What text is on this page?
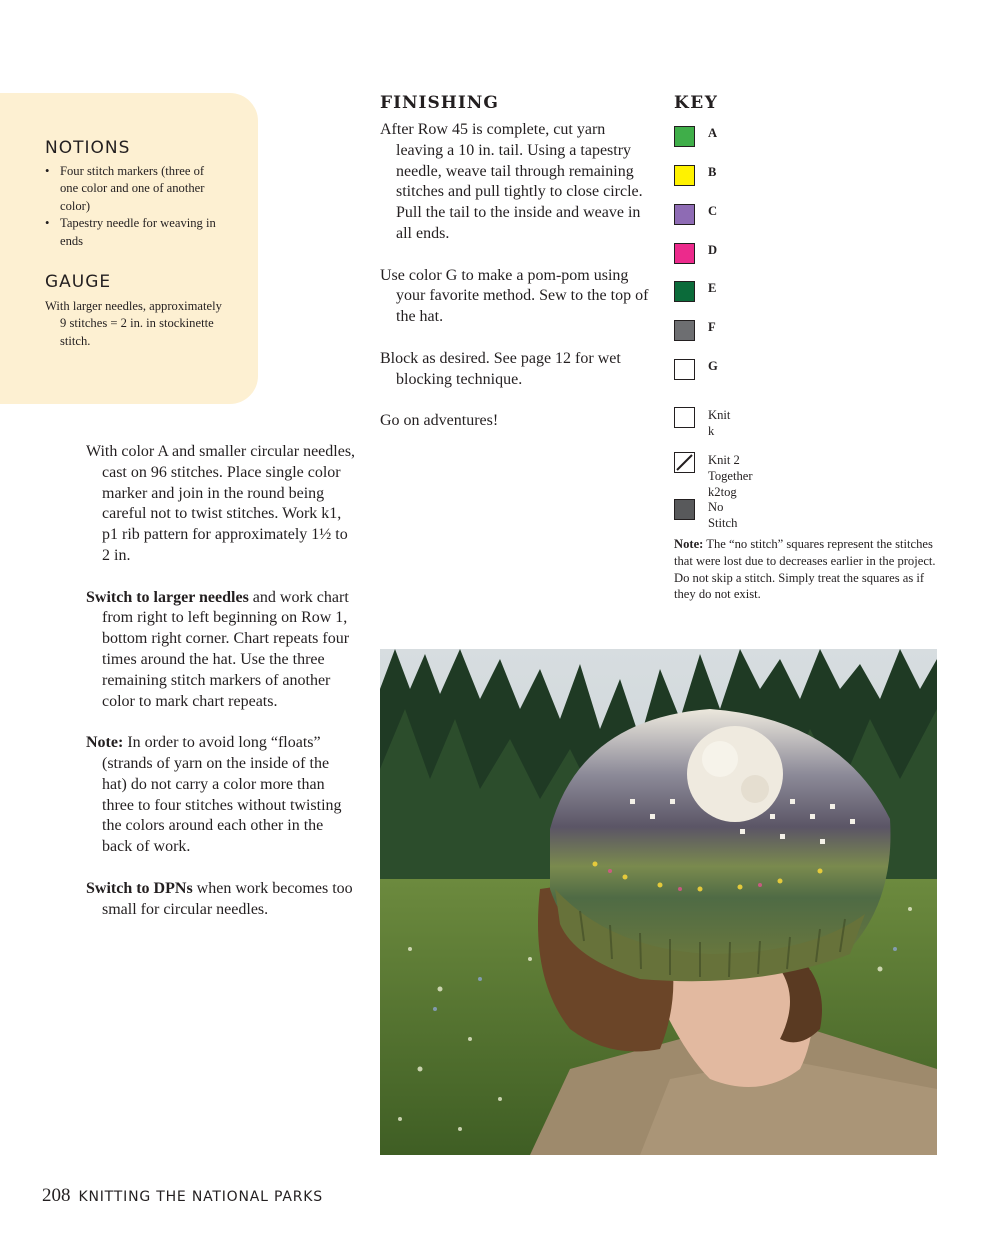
NOTIONS
• Four stitch markers (three of one color and one of another color)
• Tapestry needle for weaving in ends
GAUGE

With larger needles, approximately 9 stitches = 2 in. in stockinette stitch.

With color A and smaller circular needles, cast on 96 stitches. Place single color marker and join in the round being careful not to twist stitches. Work k1, p1 rib pattern for approximately 1½ to 2 in.

Switch to larger needles and work chart from right to left beginning on Row 1, bottom right corner. Chart repeats four times around the hat. Use the three remaining stitch markers of another color to mark chart repeats.

Note: In order to avoid long “floats” (strands of yarn on the inside of the hat) do not carry a color more than three to four stitches without twisting the colors around each other in the back of work.

Switch to DPNs when work becomes too small for circular needles.

FINISHING

After Row 45 is complete, cut yarn leaving a 10 in. tail. Using a tapestry needle, weave tail through remaining stitches and pull tightly to close circle. Pull the tail to the inside and weave in all ends.

Use color G to make a pom-pom using your favorite method. Sew to the top of the hat.

Block as desired. See page 12 for wet blocking technique.

Go on adventures!

KEY
A
B
C
D
E
F
G
Knit
k
Knit 2 Together
k2tog
No Stitch

Note: The “no stitch” squares represent the stitches that were lost due to decreases earlier in the project. Do not skip a stitch. Simply treat the squares as if they do not exist.

208 KNITTING THE NATIONAL PARKS
